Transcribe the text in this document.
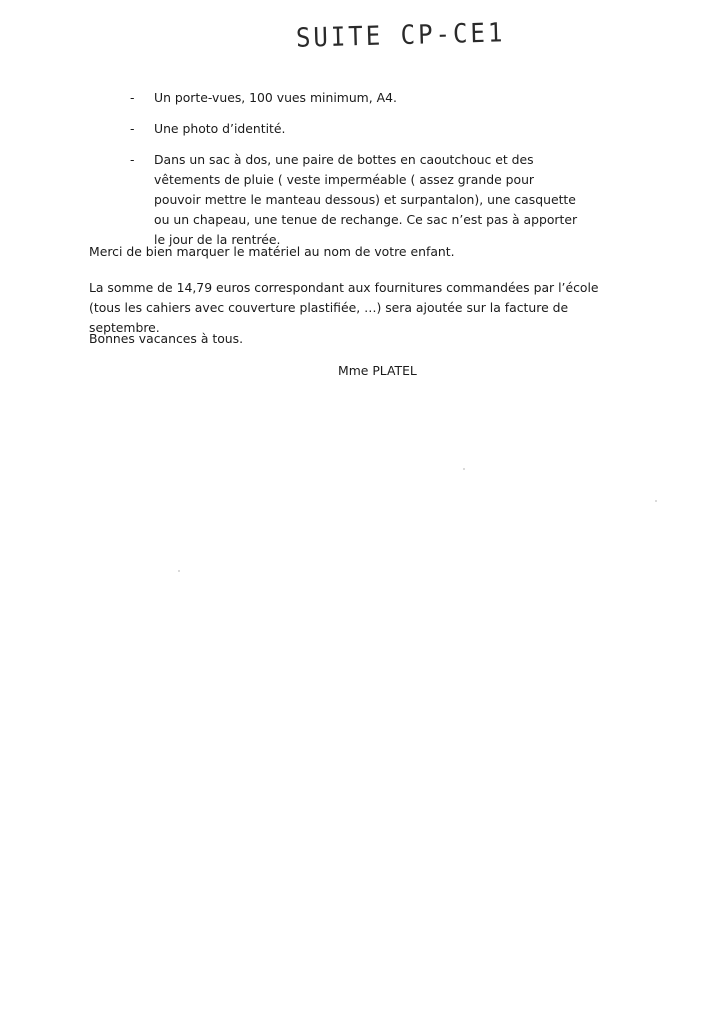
SUITE CP-CE1
- Un porte-vues, 100 vues minimum, A4.
- Une photo d’identité.
- Dans un sac à dos, une paire de bottes en caoutchouc et des vêtements de pluie ( veste imperméable ( assez grande pour pouvoir mettre le manteau dessous) et surpantalon), une casquette ou un chapeau, une tenue de rechange. Ce sac n’est pas à apporter le jour de la rentrée.

Merci de bien marquer le matériel au nom de votre enfant.

La somme de 14,79 euros correspondant aux fournitures commandées par l’école (tous les cahiers avec couverture plastifiée, …) sera ajoutée sur la facture de septembre.

Bonnes vacances à tous.

Mme PLATEL
